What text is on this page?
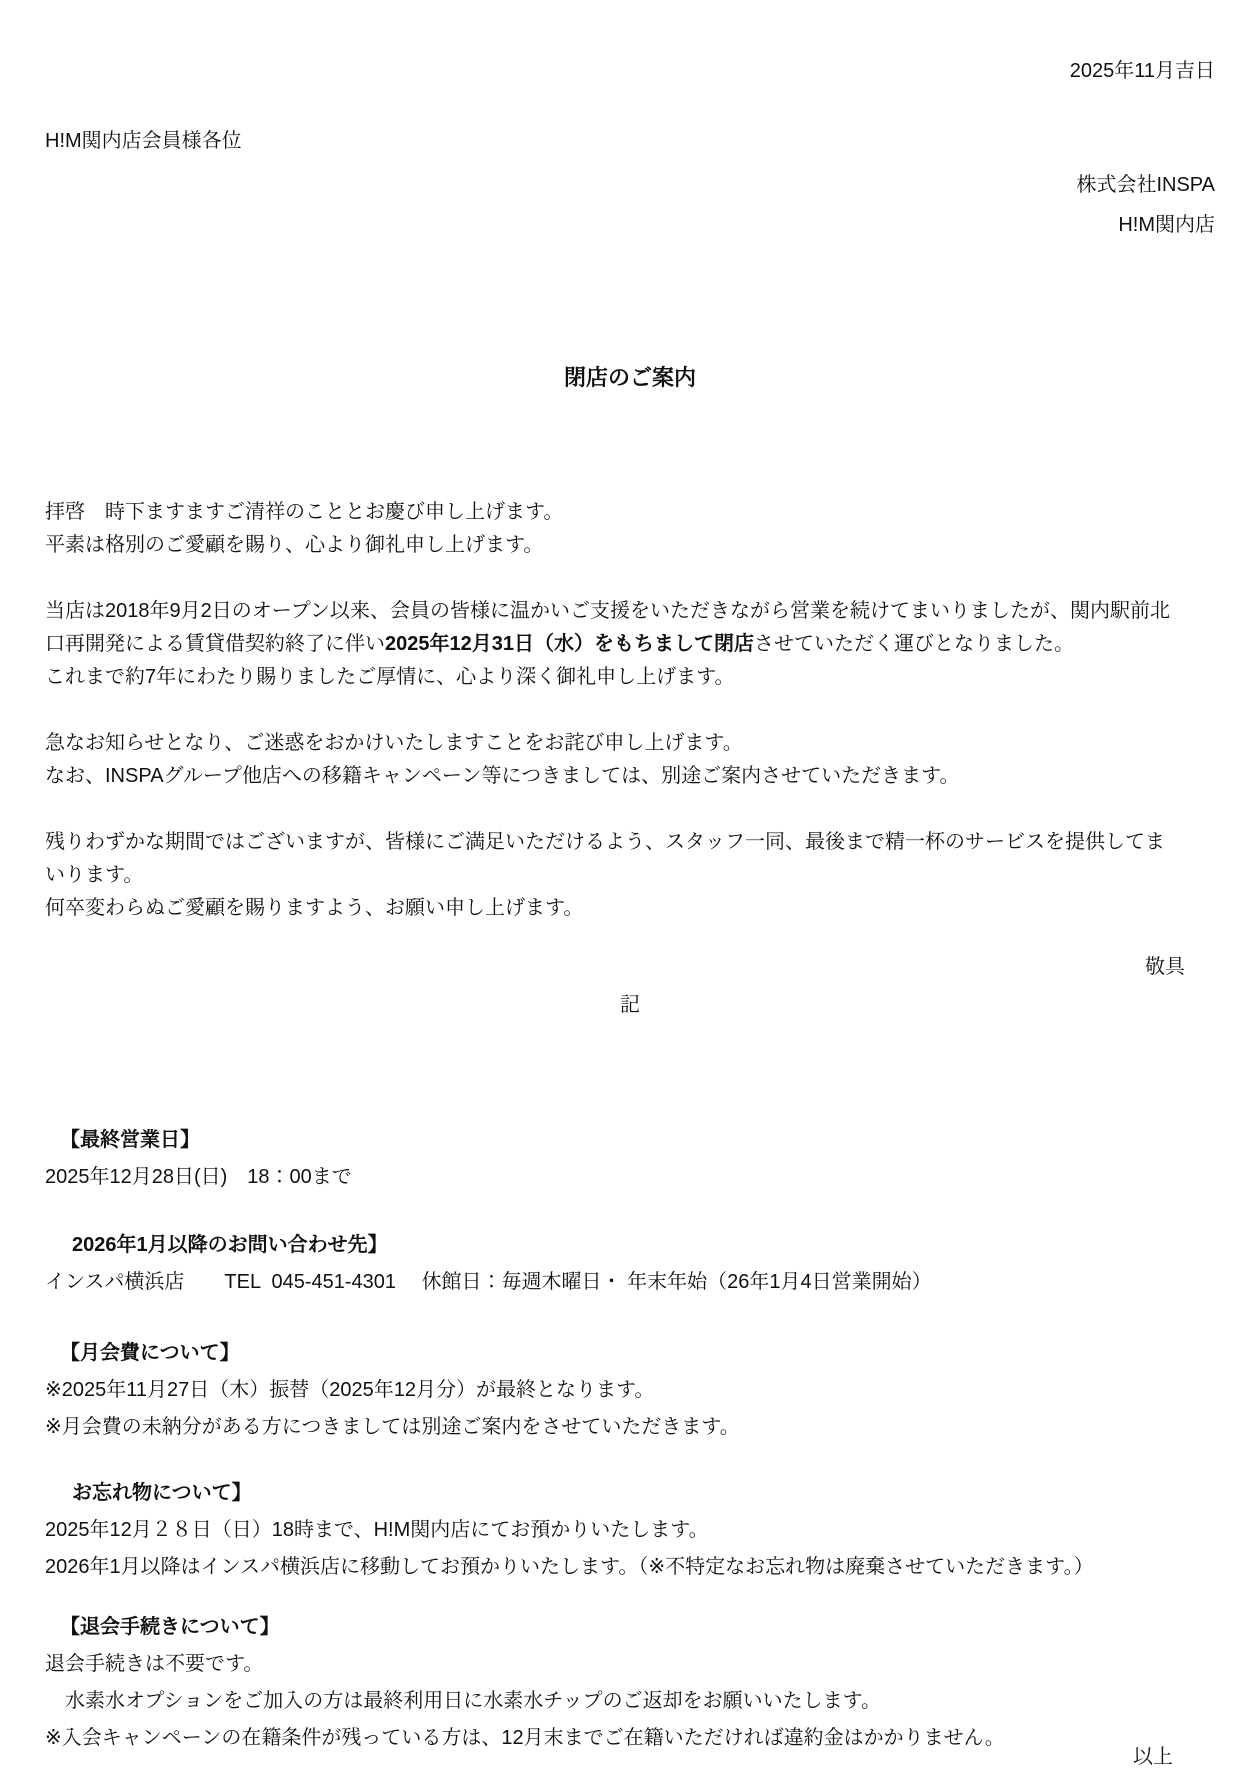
2025年11月吉日
H!M関内店会員様各位
株式会社INSPA
H!M関内店
閉店のご案内

拝啓　時下ますますご清祥のこととお慶び申し上げます。
平素は格別のご愛顧を賜り、心より御礼申し上げます。

当店は2018年9月2日のオープン以来、会員の皆様に温かいご支援をいただきながら営業を続けてまいりましたが、関内駅前北口再開発による賃貸借契約終了に伴い2025年12月31日（水）をもちまして閉店させていただく運びとなりました。
これまで約7年にわたり賜りましたご厚情に、心より深く御礼申し上げます。

急なお知らせとなり、ご迷惑をおかけいたしますことをお詫び申し上げます。
なお、INSPAグループ他店への移籍キャンペーン等につきましては、別途ご案内させていただきます。

残りわずかな期間ではございますが、皆様にご満足いただけるよう、スタッフ一同、最後まで精一杯のサービスを提供してまいります。
何卒変わらぬご愛顧を賜りますよう、お願い申し上げます。

敬具
記
【最終営業日】
2025年12月28日(日)　18：00まで
2026年1月以降のお問い合わせ先】
インスパ横浜店　　TEL  045-451-4301　 休館日：毎週木曜日・ 年末年始（26年1月4日営業開始）
【月会費について】
※2025年11月27日（木）振替（2025年12月分）が最終となります。
※月会費の未納分がある方につきましては別途ご案内をさせていただきます。
お忘れ物について】
2025年12月２８日（日）18時まで、H!M関内店にてお預かりいたします。
2026年1月以降はインスパ横浜店に移動してお預かりいたします。（※不特定なお忘れ物は廃棄させていただきます。）
【退会手続きについて】
退会手続きは不要です。
　水素水オプションをご加入の方は最終利用日に水素水チップのご返却をお願いいたします。
※入会キャンペーンの在籍条件が残っている方は、12月末までご在籍いただければ違約金はかかりません。
以上
